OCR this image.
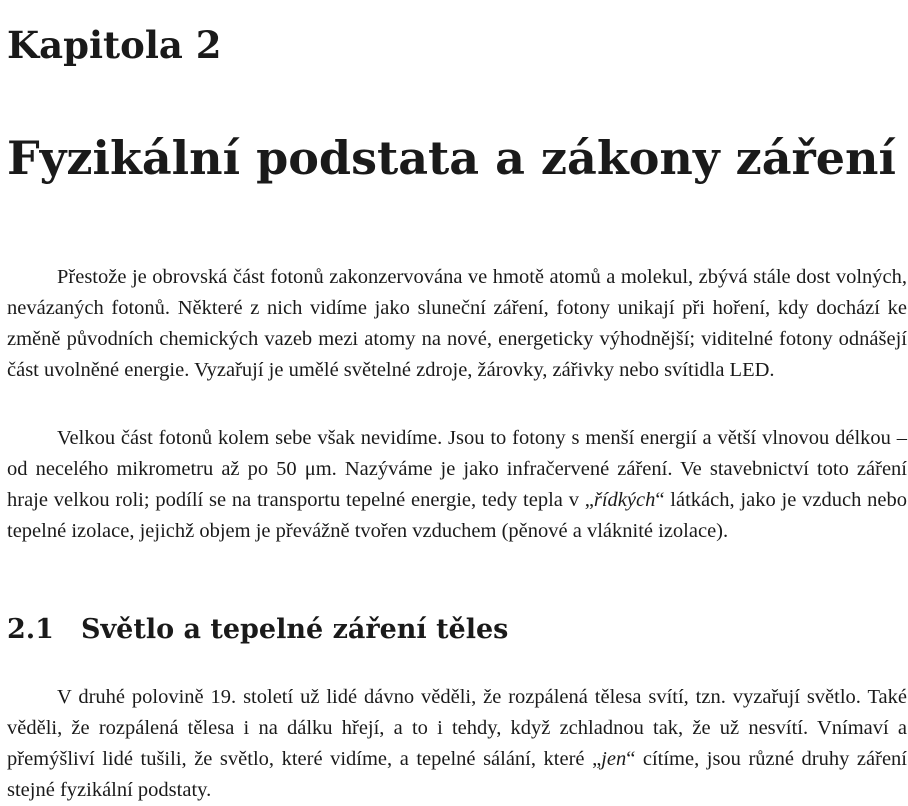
Kapitola 2
Fyzikální podstata a zákony záření

Přestože je obrovská část fotonů zakonzervována ve hmotě atomů a molekul, zbývá stále dost volných, nevázaných fotonů. Některé z nich vidíme jako sluneční záření, fotony unikají při hoření, kdy dochází ke změně původních chemických vazeb mezi atomy na nové, energeticky výhodnější; viditelné fotony odnášejí část uvolněné energie. Vyzařují je umělé světelné zdroje, žárovky, zářivky nebo svítidla LED.

Velkou část fotonů kolem sebe však nevidíme. Jsou to fotony s menší energií a větší vlnovou délkou – od necelého mikrometru až po 50 μm. Nazýváme je jako infračervené záření. Ve stavebnictví toto záření hraje velkou roli; podílí se na transportu tepelné energie, tedy tepla v „řídkých“ látkách, jako je vzduch nebo tepelné izolace, jejichž objem je převážně tvořen vzduchem (pěnové a vláknité izolace).

2.1 Světlo a tepelné záření těles

V druhé polovině 19. století už lidé dávno věděli, že rozpálená tělesa svítí, tzn. vyzařují světlo. Také věděli, že rozpálená tělesa i na dálku hřejí, a to i tehdy, když zchladnou tak, že už nesvítí. Vnímaví a přemýšliví lidé tušili, že světlo, které vidíme, a tepelné sálání, které „jen“ cítíme, jsou různé druhy záření stejné fyzikální podstaty.
